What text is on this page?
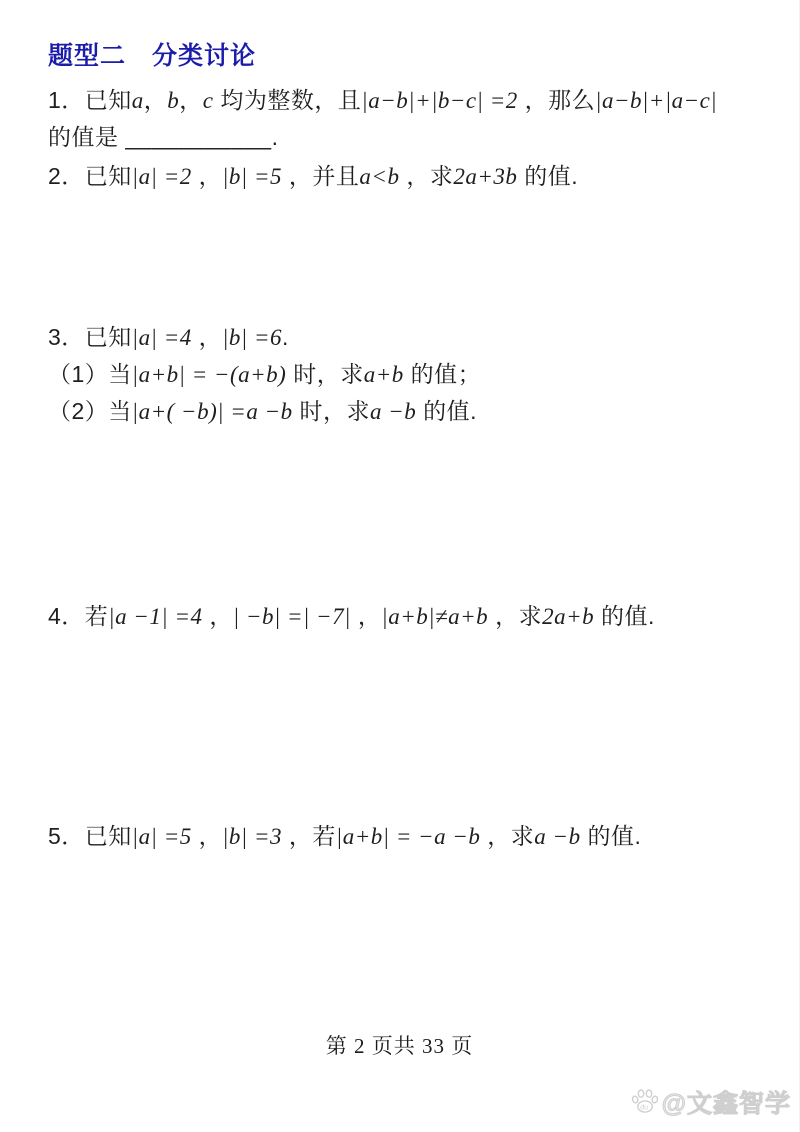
题型二　分类讨论
1．已知a，b，c 均为整数，且|a−b|+|b−c| =2 ，那么|a−b|+|a−c|
的值是 ___________.
2．已知|a| =2 ，|b| =5 ，并且a<b ，求2a+3b 的值.
3．已知|a| =4 ，|b| =6.
（1）当|a+b| = −(a+b) 时，求a+b 的值；
（2）当|a+( −b)| =a −b 时，求a −b 的值.
4．若|a −1| =4 ，| −b| =| −7| ，|a+b|≠a+b ，求2a+b 的值.
5．已知|a| =5 ，|b| =3 ，若|a+b| = −a −b ，求a −b 的值.
第 2 页共 33 页
du @文鑫智学
